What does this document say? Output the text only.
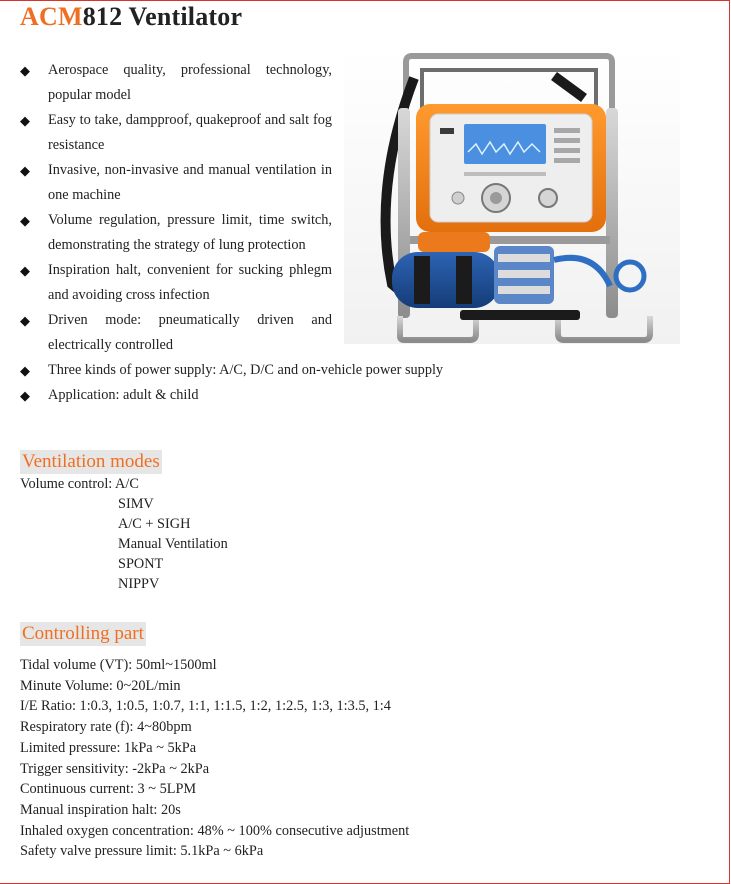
ACM812 Ventilator
◆ Aerospace quality, professional technology, popular model
◆ Easy to take, dampproof, quakeproof and salt fog resistance
◆ Invasive, non-invasive and manual ventilation in one machine
◆ Volume regulation, pressure limit, time switch, demonstrating the strategy of lung protection
◆ Inspiration halt, convenient for sucking phlegm and avoiding cross infection
◆ Driven mode: pneumatically driven and electrically controlled
◆ Three kinds of power supply: A/C, D/C and on-vehicle power supply
◆ Application: adult & child
Ventilation modes
Volume control: A/C
SIMV
A/C + SIGH
Manual Ventilation
SPONT
NIPPV
Controlling part
Tidal volume (VT): 50ml~1500ml
Minute Volume: 0~20L/min
I/E Ratio: 1:0.3, 1:0.5, 1:0.7, 1:1, 1:1.5, 1:2, 1:2.5, 1:3, 1:3.5, 1:4
Respiratory rate (f): 4~80bpm
Limited pressure: 1kPa ~ 5kPa
Trigger sensitivity: -2kPa ~ 2kPa
Continuous current: 3 ~ 5LPM
Manual inspiration halt: 20s
Inhaled oxygen concentration: 48% ~ 100% consecutive adjustment
Safety valve pressure limit: 5.1kPa ~ 6kPa
